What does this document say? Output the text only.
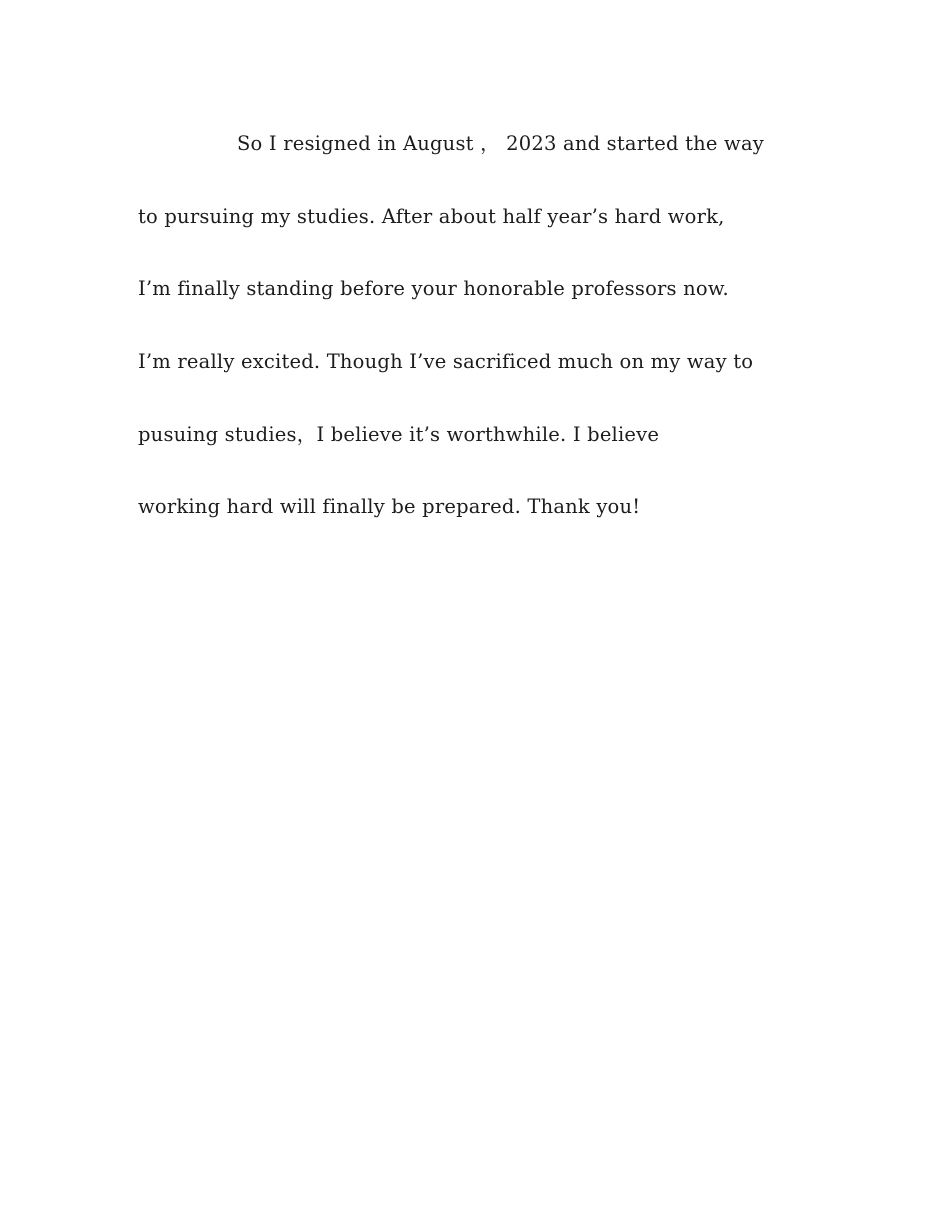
So I resigned in August ， 2023 and started the way
to pursuing my studies. After about half year’s hard work,
I’m finally standing before your honorable professors now.
I’m really excited. Though I’ve sacrificed much on my way to
pusuing studies，I believe it’s worthwhile. I believe
working hard will finally be prepared. Thank you!
